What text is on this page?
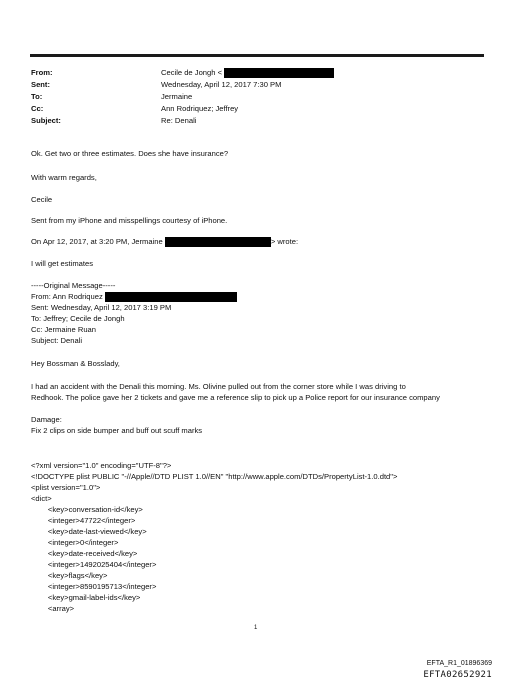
From:	Cecile de Jongh <
Sent:	Wednesday, April 12, 2017 7:30 PM
To:	Jermaine
Cc:	Ann Rodriquez; Jeffrey
Subject:	Re: Denali
Ok. Get two or three estimates. Does she have insurance?
With warm regards,
Cecile
Sent from my iPhone and misspellings courtesy of iPhone.
On Apr 12, 2017, at 3:20 PM, Jermaine	> wrote:
I will get estimates
-----Original Message-----
From: Ann Rodriquez
Sent: Wednesday, April 12, 2017 3:19 PM
To: Jeffrey; Cecile de Jongh
Cc: Jermaine Ruan
Subject: Denali
Hey Bossman & Bosslady,
I had an accident with the Denali this morning. Ms. Olivine pulled out from the corner store while I was driving to
Redhook. The police gave her 2 tickets and gave me a reference slip to pick up a Police report for our insurance company
Damage:
Fix 2 clips on side bumper and buff out scuff marks
<?xml version="1.0" encoding="UTF-8"?>
<!DOCTYPE plist PUBLIC "-//Apple//DTD PLIST 1.0//EN" "http://www.apple.com/DTDs/PropertyList-1.0.dtd">
<plist version="1.0">
<dict>
<key>conversation-id</key>
<integer>47722</integer>
<key>date-last-viewed</key>
<integer>0</integer>
<key>date-received</key>
<integer>1492025404</integer>
<key>flags</key>
<integer>8590195713</integer>
<key>gmail-label-ids</key>
<array>
1
EFTA_R1_01896369
EFTA02652921
